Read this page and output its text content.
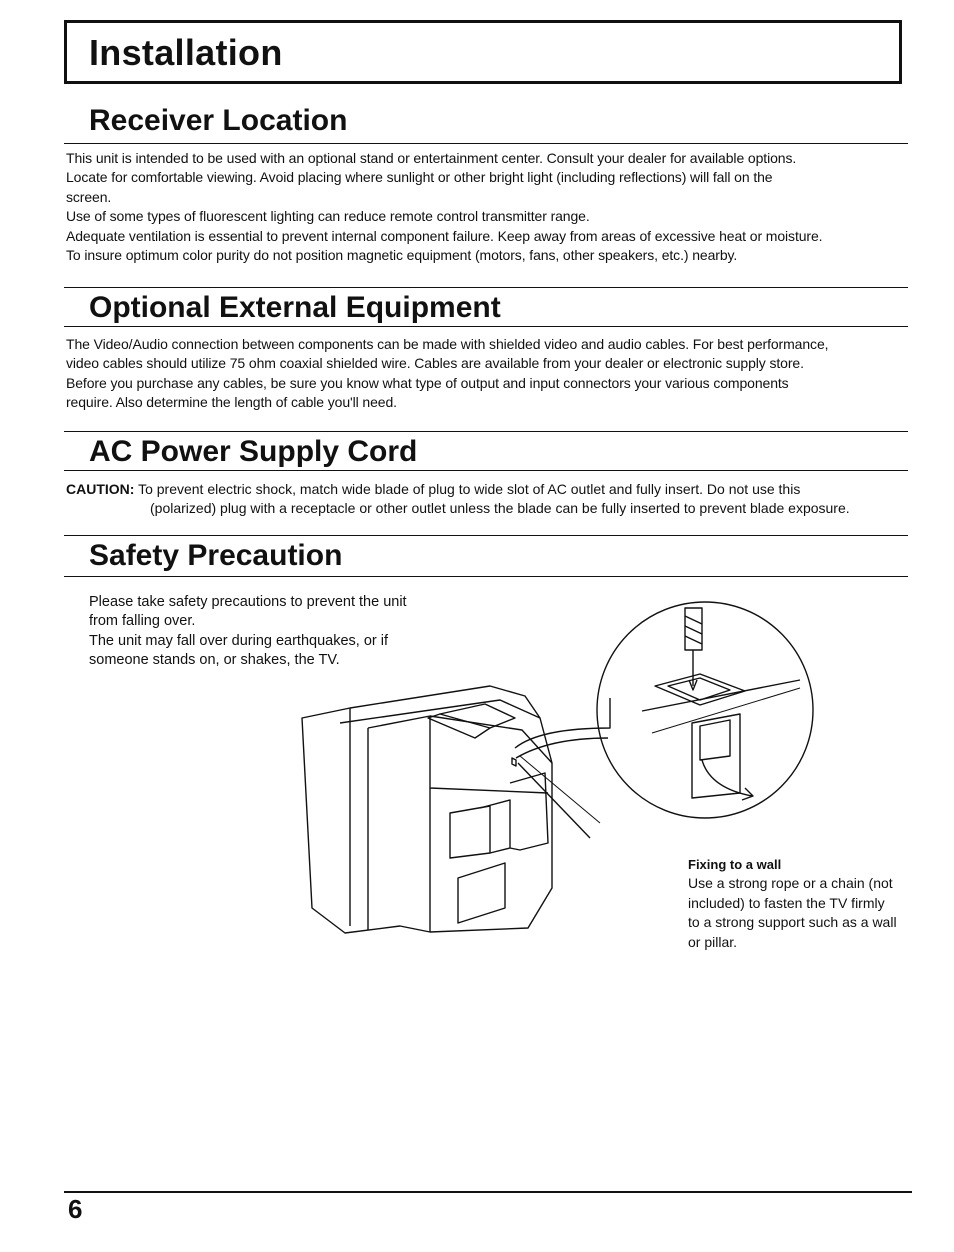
Installation
Receiver Location

This unit is intended to be used with an optional stand or entertainment center. Consult your dealer for available options.

Locate for comfortable viewing. Avoid placing where sunlight or other bright light (including reflections) will fall on the

screen.

Use of some types of fluorescent lighting can reduce remote control transmitter range.

Adequate ventilation is essential to prevent internal component failure. Keep away from areas of excessive heat or moisture.

To insure optimum color purity do not position magnetic equipment (motors, fans, other speakers, etc.) nearby.

Optional External Equipment

The Video/Audio connection between components can be made with shielded video and audio cables. For best performance,

video cables should utilize 75 ohm coaxial shielded wire. Cables are available from your dealer or electronic supply store.

Before you purchase any cables, be sure you know what type of output and input connectors your various components

require. Also determine the length of cable you'll need.

AC Power Supply Cord
CAUTION: To prevent electric shock, match wide blade of plug to wide slot of AC outlet and fully insert. Do not use this
(polarized) plug with a receptacle or other outlet unless the blade can be fully inserted to prevent blade exposure.
Safety Precaution

Please take safety precautions to prevent the unit

from falling over.

The unit may fall over during earthquakes, or if

someone stands on, or shakes, the TV.

Fixing to a wall
Use a strong rope or a chain (not
included) to fasten the TV firmly
to a strong support such as a wall
or pillar.
6
